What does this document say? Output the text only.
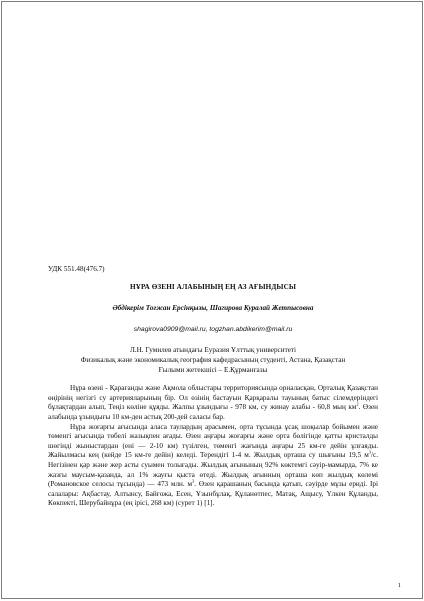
УДК 551.48(476.7)
НҰРА ӨЗЕНІ АЛАБЫНЫҢ ЕҢ АЗ АҒЫНДЫСЫ
Әбдікерім Тоғжан Ерсінқызы, Шагирова Куралай Жетпысовна
shagirova0909@mail.ru, togzhan.abdikerim@mail.ru

Л.Н. Гумилев атындағы Еуразия Ұлттық университеті

Физикалық және экономикалық география кафедрасының студенті, Астана, Қазақстан

Ғылыми жетекшісі – Е.Құрманғазы

Нұра өзені - Қарағанды және Ақмола облыстары территориясында орналасқан, Орталық Қазақстан өңірінің негізгі су артерияларының бір. Ол өзінің бастауын Қарқаралы тауының батыс сілемдеріндегі бұлақтардан алып, Теңіз көліне құяды. Жалпы ұзындығы - 978 км, су жинау алабы - 60,8 мың $км^2$. Өзен алабында ұзындығы 10 км-ден астық 200-дей саласы бар.

Нұра жоғарғы ағысында аласа таулардың арасымен, орта тұсында ұсақ шоқылар бойымен және төменгі ағысында төбелі жазықпен ағады. Өзен аңғары жоғарғы және орта бөлігінде қатты кристалды шөгінді жыныстардан (ені — 2-10 км) түзілген, төменгі жағында аңғары 25 км-ге дейін ұлғаяды. Жайылмасы кең (кейде 15 км-ге дейін) келеді. Терендігі 1-4 м. Жылдық орташа су шығыны 19,5 $м^3/с$. Негізінен қар және жер асты суымен толығады. Жылдық ағынының 92% көктемгі сәуір-мамырда, 7% ке жазғы маусым-қазанда, ал 1% жауғы қыста өтеді. Жылдық ағынның орташа көп жылдық көлемі (Романовское селосы тұсында) — 473 млн. $м^3$. Өзен қарашаның басында қатып, сәуірде мұзы ериді. Ірі салалары: Ақбастау, Алтынсу, Байғожа, Есен, Ұзынбұлақ, Құланөтпес, Матақ, Ащысу, Үлкен Құланды, Көкпекті, Шерубайнұра (ең ірісі, 268 км) (сурет 1) [1].

1
